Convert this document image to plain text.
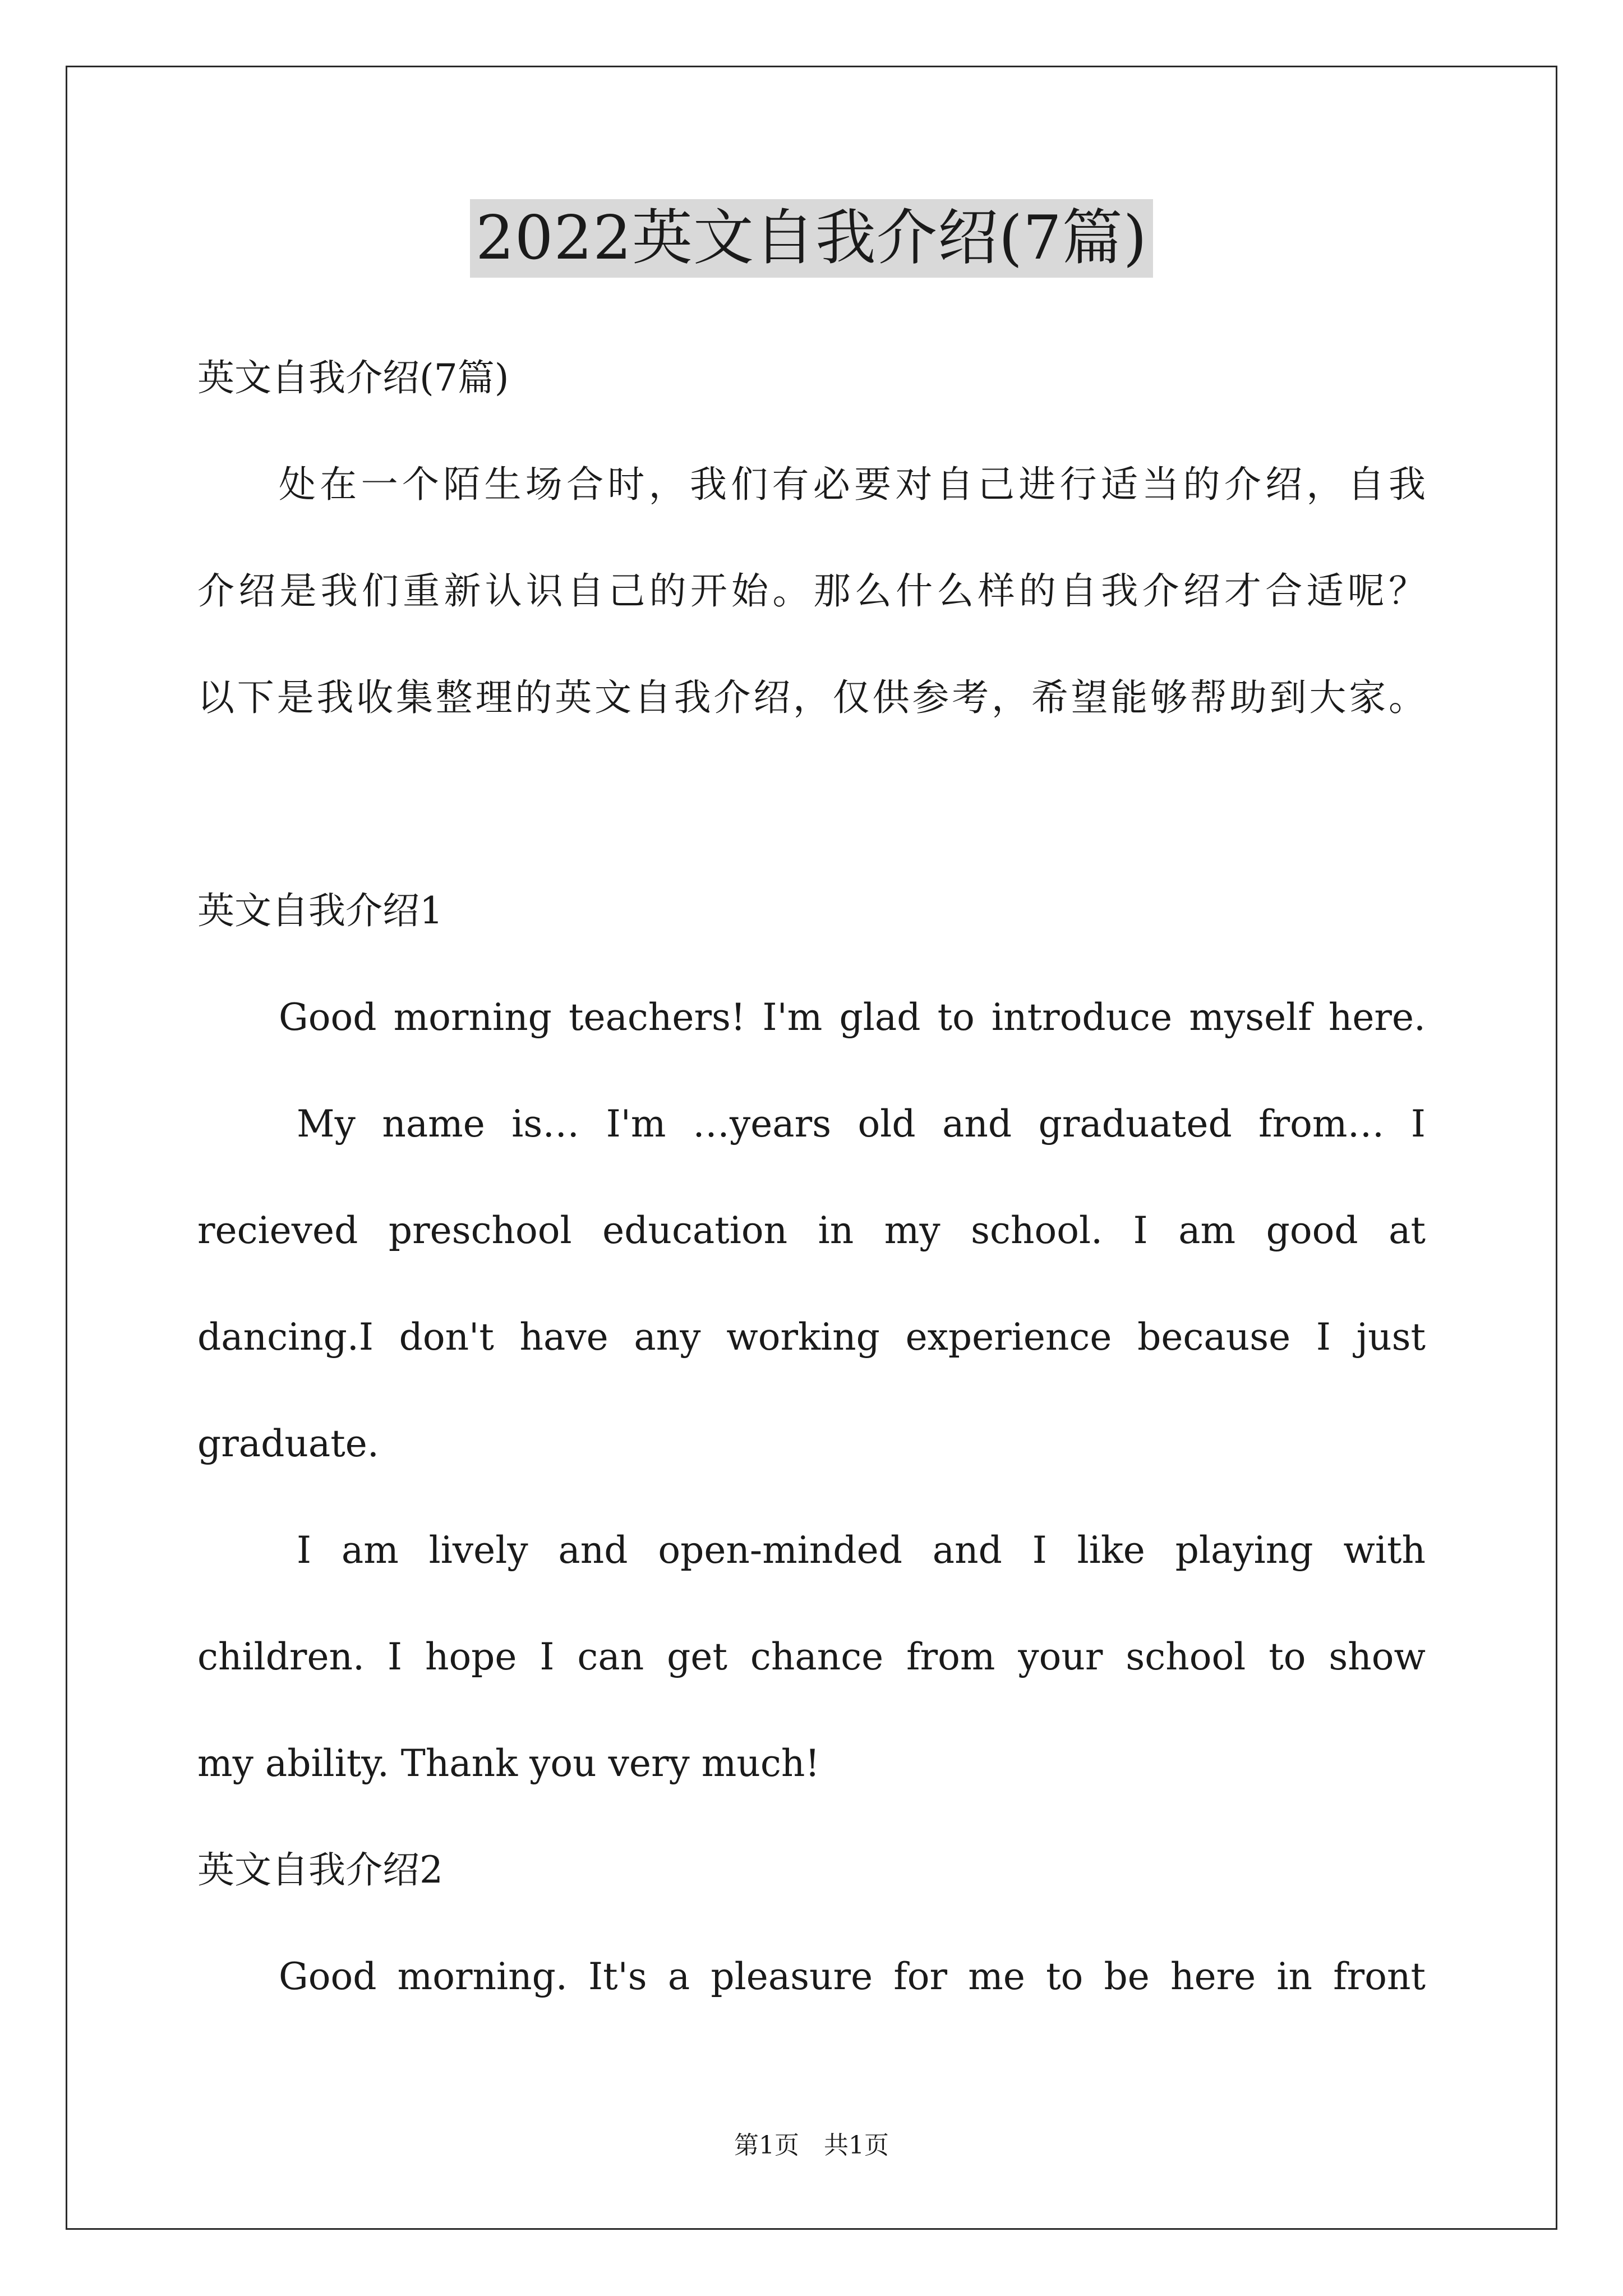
2022英文自我介绍(7篇)
英文自我介绍(7篇)
处在一个陌生场合时，我们有必要对自己进行适当的介绍，自我
介绍是我们重新认识自己的开始。那么什么样的自我介绍才合适呢？
以下是我收集整理的英文自我介绍，仅供参考，希望能够帮助到大家。
英文自我介绍1
Good morning teachers! I'm glad to introduce myself here.
My name is… I'm …years old and graduated from… I
recieved preschool education in my school. I am good at
dancing.I don't have any working experience because I just
graduate.
I am lively and open-minded and I like playing with
children. I hope I can get chance from your school to show
my ability. Thank you very much!
英文自我介绍2
Good morning. It's a pleasure for me to be here in front
第1页　共1页
